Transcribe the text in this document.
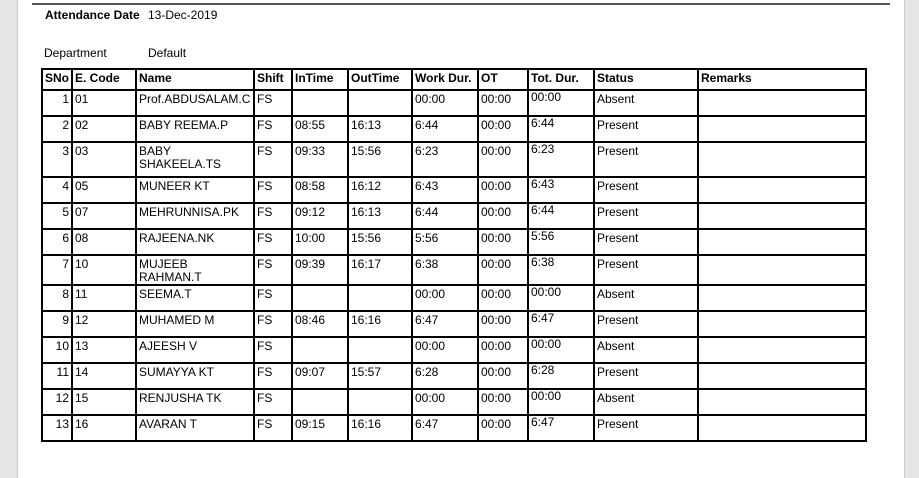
Attendance Date 13-Dec-2019
Department	Default
SNo	E. Code	Name	Shift	InTime	OutTime	Work Dur.	OT	Tot. Dur.	Status	Remarks
1	01	Prof.ABDUSALAM.C	FS			00:00	00:00	00:00	Absent	
2	02	BABY REEMA.P	FS	08:55	16:13	6:44	00:00	6:44	Present	
3	03	BABY SHAKEELA.TS	FS	09:33	15:56	6:23	00:00	6:23	Present	
4	05	MUNEER KT	FS	08:58	16:12	6:43	00:00	6:43	Present	
5	07	MEHRUNNISA.PK	FS	09:12	16:13	6:44	00:00	6:44	Present	
6	08	RAJEENA.NK	FS	10:00	15:56	5:56	00:00	5:56	Present	
7	10	MUJEEB RAHMAN.T	FS	09:39	16:17	6:38	00:00	6:38	Present	
8	11	SEEMA.T	FS			00:00	00:00	00:00	Absent	
9	12	MUHAMED M	FS	08:46	16:16	6:47	00:00	6:47	Present	
10	13	AJEESH V	FS			00:00	00:00	00:00	Absent	
11	14	SUMAYYA KT	FS	09:07	15:57	6:28	00:00	6:28	Present	
12	15	RENJUSHA TK	FS			00:00	00:00	00:00	Absent	
13	16	AVARAN T	FS	09:15	16:16	6:47	00:00	6:47	Present	
